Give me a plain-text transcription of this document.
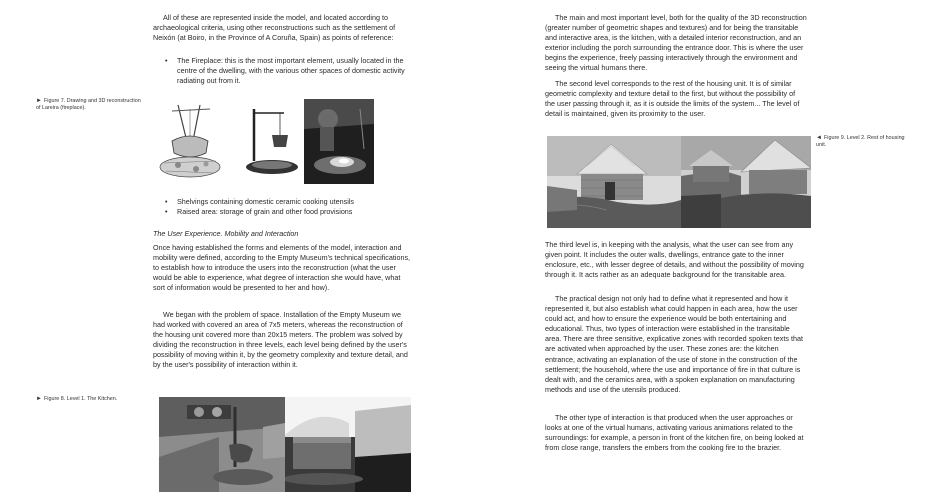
All of these are represented inside the model, and located according to archaeological criteria, using other reconstructions such as the settlement of Neixón (at Boiro, in the Province of A Coruña, Spain) as points of reference:

• The Fireplace: this is the most important element, usually located in the centre of the dwelling, with the various other spaces of domestic activity radiating out from it.

► Figure 7. Drawing and 3D reconstruction of Lareira (fireplace).

• Shelvings containing domestic ceramic cooking utensils
• Raised area: storage of grain and other food provisions

The User Experience. Mobility and Interaction

Once having established the forms and elements of the model, interaction and mobility were defined, according to the Empty Museum's technical specifications, to establish how to introduce the users into the reconstruction (what the user would be able to experience, what degree of interaction she would have, what sort of information would be presented to her and how).

We began with the problem of space. Installation of the Empty Museum we had worked with covered an area of 7x5 meters, whereas the reconstruction of the housing unit covered more than 20x15 meters. The problem was solved by dividing the reconstruction in three levels, each level being defined by the user's possibility of moving within it, by the geometry complexity and texture detail, and by the user's possibility of interaction within it.

► Figure 8. Level 1. The Kitchen.

The main and most important level, both for the quality of the 3D reconstruction (greater number of geometric shapes and textures) and for being the transitable and interactive area, is the kitchen, with a detailed interior reconstruction, and an exterior including the porch surrounding the entrance door. This is where the user begins the experience, freely passing interactively through the environment and seeing the virtual humans there.

The second level corresponds to the rest of the housing unit. It is of similar geometric complexity and texture detail to the first, but without the possibility of the user passing through it, as it is outside the limits of the system... The level of detail is maintained, given its proximity to the user.

◄ Figure 9. Level 2. Rest of housing unit.

The third level is, in keeping with the analysis, what the user can see from any given point. It includes the outer walls, dwellings, entrance gate to the inner enclosure, etc., with lesser degree of details, and without the possibility of moving through it. It acts rather as an adequate background for the transitable area.

The practical design not only had to define what it represented and how it represented it, but also establish what could happen in each area, how the user could act, and how to ensure the experience would be both entertaining and educational. Thus, two types of interaction were established in the transitable area. There are three sensitive, explicative zones with recorded spoken texts that are activated when approached by the user. These zones are: the kitchen entrance, activating an explanation of the use of stone in the construction of the settlement; the household, where the use and importance of fire in that culture is dealt with, and the ceramics area, with a spoken explanation on manufacturing methods and use of the utensils produced.

The other type of interaction is that produced when the user approaches or looks at one of the virtual humans, activating various animations related to the surroundings: for example, a person in front of the kitchen fire, on being looked at from close range, transfers the embers from the cooking fire to the brazier.
